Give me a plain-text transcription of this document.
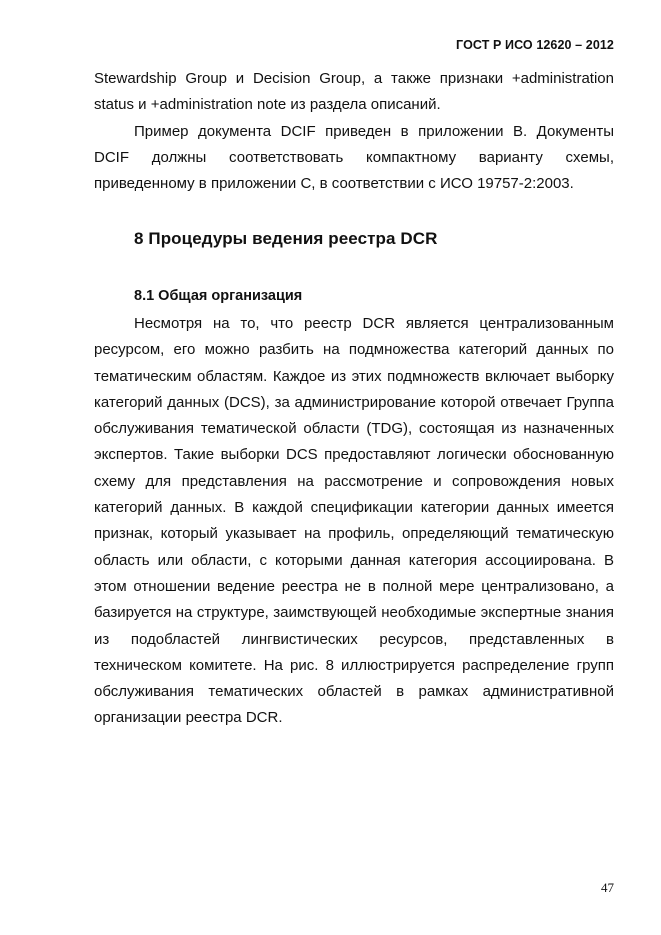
ГОСТ Р ИСО 12620 – 2012

Stewardship Group и Decision Group, а также признаки +administration status и +administration note из раздела описаний.

Пример документа DCIF приведен в приложении B. Документы DCIF должны соответствовать компактному варианту схемы, приведенному в приложении C, в соответствии с ИСО 19757-2:2003.

8 Процедуры ведения реестра DCR
8.1 Общая организация

Несмотря на то, что реестр DCR является централизованным ресурсом, его можно разбить на подмножества категорий данных по тематическим областям. Каждое из этих подмножеств включает выборку категорий данных (DCS), за администрирование которой отвечает Группа обслуживания тематической области (TDG), состоящая из назначенных экспертов. Такие выборки DCS предоставляют логически обоснованную схему для представления на рассмотрение и сопровождения новых категорий данных. В каждой спецификации категории данных имеется признак, который указывает на профиль, определяющий тематическую область или области, с которыми данная категория ассоциирована. В этом отношении ведение реестра не в полной мере централизовано, а базируется на структуре, заимствующей необходимые экспертные знания из подобластей лингвистических ресурсов, представленных в техническом комитете. На рис. 8 иллюстрируется распределение групп обслуживания тематических областей в рамках административной организации реестра DCR.

47
